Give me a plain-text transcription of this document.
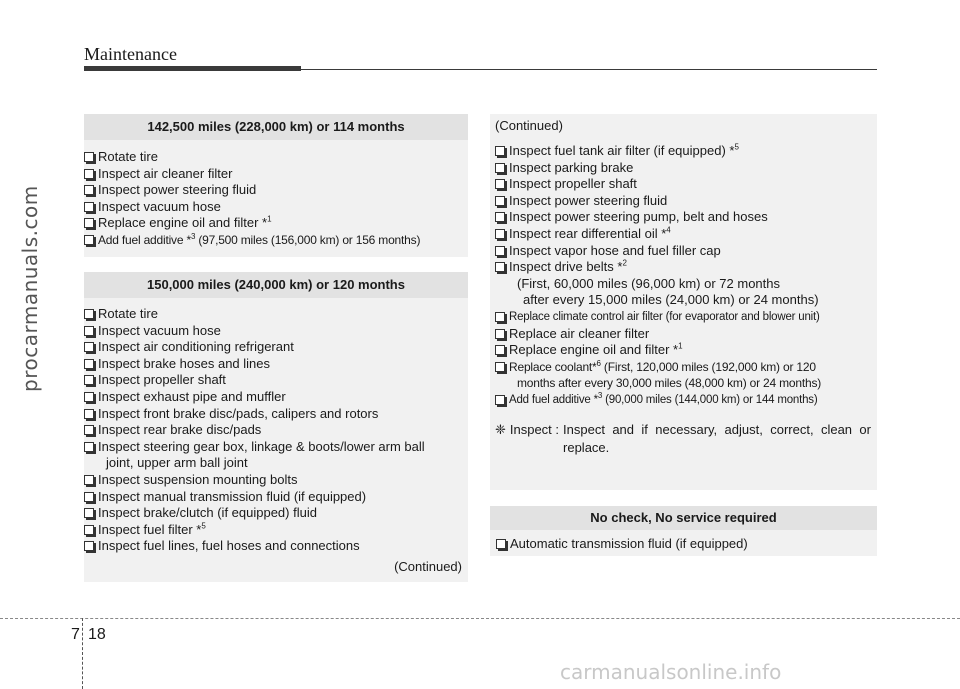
Maintenance
procarmanuals.com
142,500 miles (228,000 km) or 114 months
Rotate tire
Inspect air cleaner filter
Inspect power steering fluid
Inspect vacuum hose
Replace engine oil and filter *$^1$
Add fuel additive *$^3$ (97,500 miles (156,000 km) or 156 months)
150,000 miles (240,000 km) or 120 months
Rotate tire
Inspect vacuum hose
Inspect air conditioning refrigerant
Inspect brake hoses and lines
Inspect propeller shaft
Inspect exhaust pipe and muffler
Inspect front brake disc/pads, calipers and rotors
Inspect rear brake disc/pads
Inspect steering gear box, linkage & boots/lower arm ball
joint, upper arm ball joint
Inspect suspension mounting bolts
Inspect manual transmission fluid (if equipped)
Inspect brake/clutch (if equipped) fluid
Inspect fuel filter *$^5$
Inspect fuel lines, fuel hoses and connections
(Continued)
(Continued)
Inspect fuel tank air filter (if equipped) *$^5$
Inspect parking brake
Inspect propeller shaft
Inspect power steering fluid
Inspect power steering pump, belt and hoses
Inspect rear differential oil *$^4$
Inspect vapor hose and fuel filler cap
Inspect drive belts *$^2$
(First, 60,000 miles (96,000 km) or 72 months
after every 15,000 miles (24,000 km) or 24 months)
Replace climate control air filter (for evaporator and blower unit)
Replace air cleaner filter
Replace engine oil and filter *$^1$
Replace coolant*$^6$ (First, 120,000 miles (192,000 km) or 120
months after every 30,000 miles (48,000 km) or 24 months)
Add fuel additive *$^3$ (90,000 miles (144,000 km) or 144 months)
❈ Inspect : Inspect and if necessary, adjust, correct, clean or replace.
No check, No service required
Automatic transmission fluid (if equipped)
7 18
carmanualsonline.info
